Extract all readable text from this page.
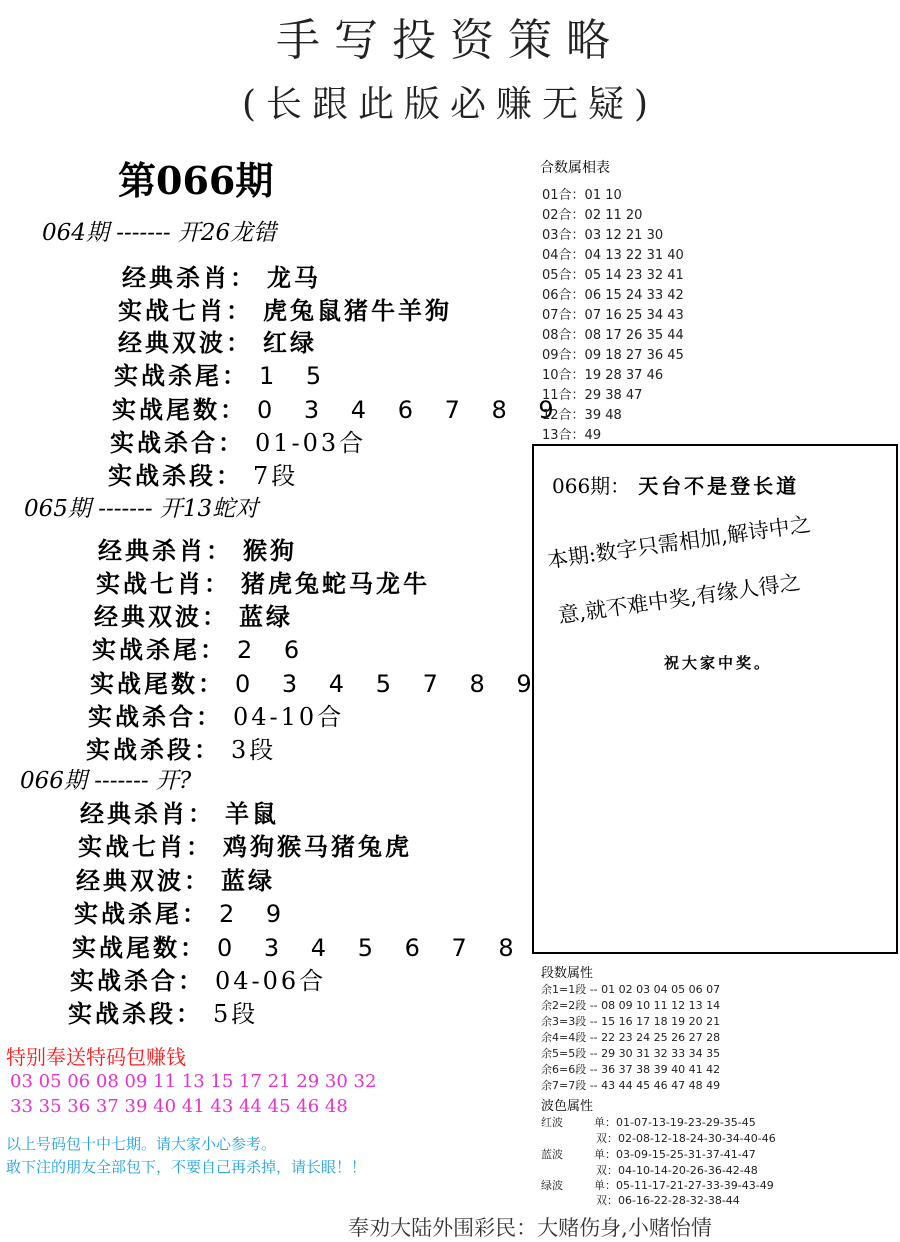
手写投资策略
(长跟此版必赚无疑)
第066期
064期 ------- 开26龙错
经典杀肖： 龙马
实战七肖： 虎兔鼠猪牛羊狗
经典双波： 红绿
实战杀尾： 1 5
实战尾数： 0 3 4 6 7 8 9
实战杀合： 01-03合
实战杀段： 7段
065期 ------- 开13蛇对
经典杀肖： 猴狗
实战七肖： 猪虎兔蛇马龙牛
经典双波： 蓝绿
实战杀尾： 2 6
实战尾数： 0 3 4 5 7 8 9
实战杀合： 04-10合
实战杀段： 3段
066期 ------- 开?
经典杀肖： 羊鼠
实战七肖： 鸡狗猴马猪兔虎
经典双波： 蓝绿
实战杀尾： 2 9
实战尾数： 0 3 4 5 6 7 8
实战杀合： 04-06合
实战杀段： 5段
合数属相表
01合：01 10
02合：02 11 20
03合：03 12 21 30
04合：04 13 22 31 40
05合：05 14 23 32 41
06合：06 15 24 33 42
07合：07 16 25 34 43
08合：08 17 26 35 44
09合：09 18 27 36 45
10合：19 28 37 46
11合：29 38 47
12合：39 48
13合：49
066期： 天台不是登长道
本期:数字只需相加,解诗中之
意,就不难中奖,有缘人得之
祝大家中奖。
段数属性
余1=1段 -- 01 02 03 04 05 06 07
余2=2段 -- 08 09 10 11 12 13 14
余3=3段 -- 15 16 17 18 19 20 21
余4=4段 -- 22 23 24 25 26 27 28
余5=5段 -- 29 30 31 32 33 34 35
余6=6段 -- 36 37 38 39 40 41 42
余7=7段 -- 43 44 45 46 47 48 49
波色属性
红波	单：01-07-13-19-23-29-35-45
双：02-08-12-18-24-30-34-40-46
蓝波	单：03-09-15-25-31-37-41-47
双：04-10-14-20-26-36-42-48
绿波	单：05-11-17-21-27-33-39-43-49
双：06-16-22-28-32-38-44
特别奉送特码包赚钱
03 05 06 08 09 11 13 15 17 21 29 30 32
33 35 36 37 39 40 41 43 44 45 46 48
以上号码包十中七期。请大家小心参考。
敢下注的朋友全部包下，不要自己再杀掉，请长眼！！
奉劝大陆外围彩民：大赌伤身,小赌怡情
